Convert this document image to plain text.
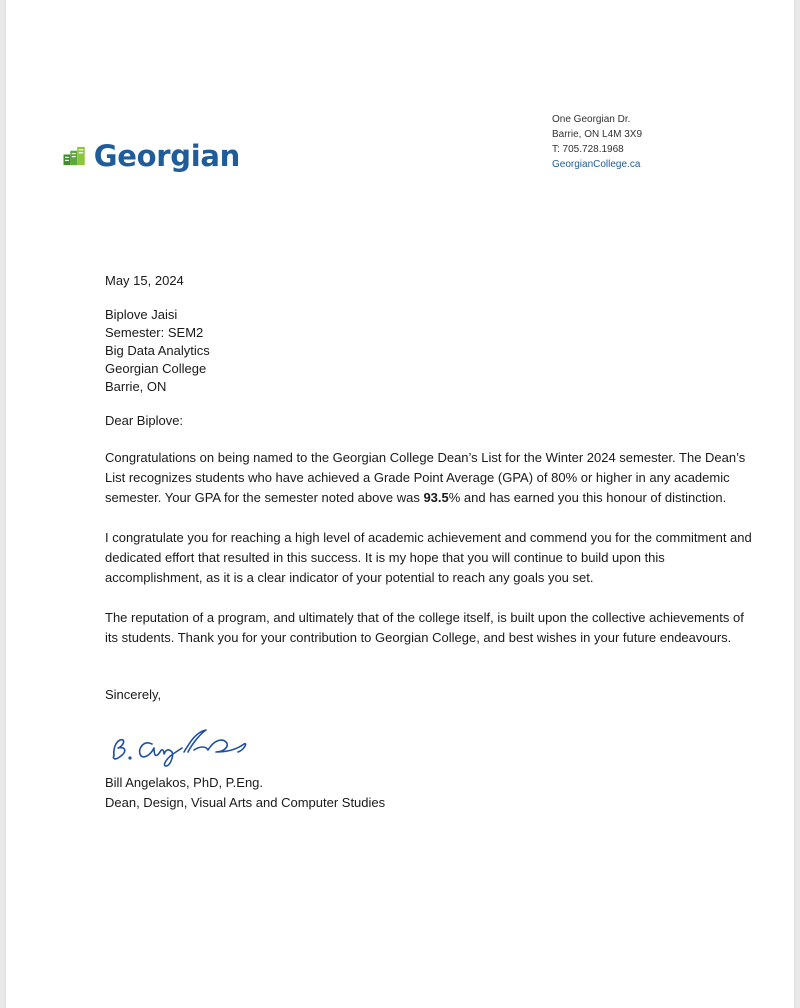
Georgian
One Georgian Dr.
Barrie, ON L4M 3X9
T: 705.728.1968
GeorgianCollege.ca
May 15, 2024
Biplove Jaisi
Semester: SEM2
Big Data Analytics
Georgian College
Barrie, ON
Dear Biplove:

Congratulations on being named to the Georgian College Dean’s List for the Winter 2024 semester. The Dean’s List recognizes students who have achieved a Grade Point Average (GPA) of 80% or higher in any academic semester. Your GPA for the semester noted above was 93.5% and has earned you this honour of distinction.

I congratulate you for reaching a high level of academic achievement and commend you for the commitment and dedicated effort that resulted in this success. It is my hope that you will continue to build upon this accomplishment, as it is a clear indicator of your potential to reach any goals you set.

The reputation of a program, and ultimately that of the college itself, is built upon the collective achievements of its students. Thank you for your contribution to Georgian College, and best wishes in your future endeavours.

Sincerely,
Bill Angelakos, PhD, P.Eng.
Dean, Design, Visual Arts and Computer Studies
